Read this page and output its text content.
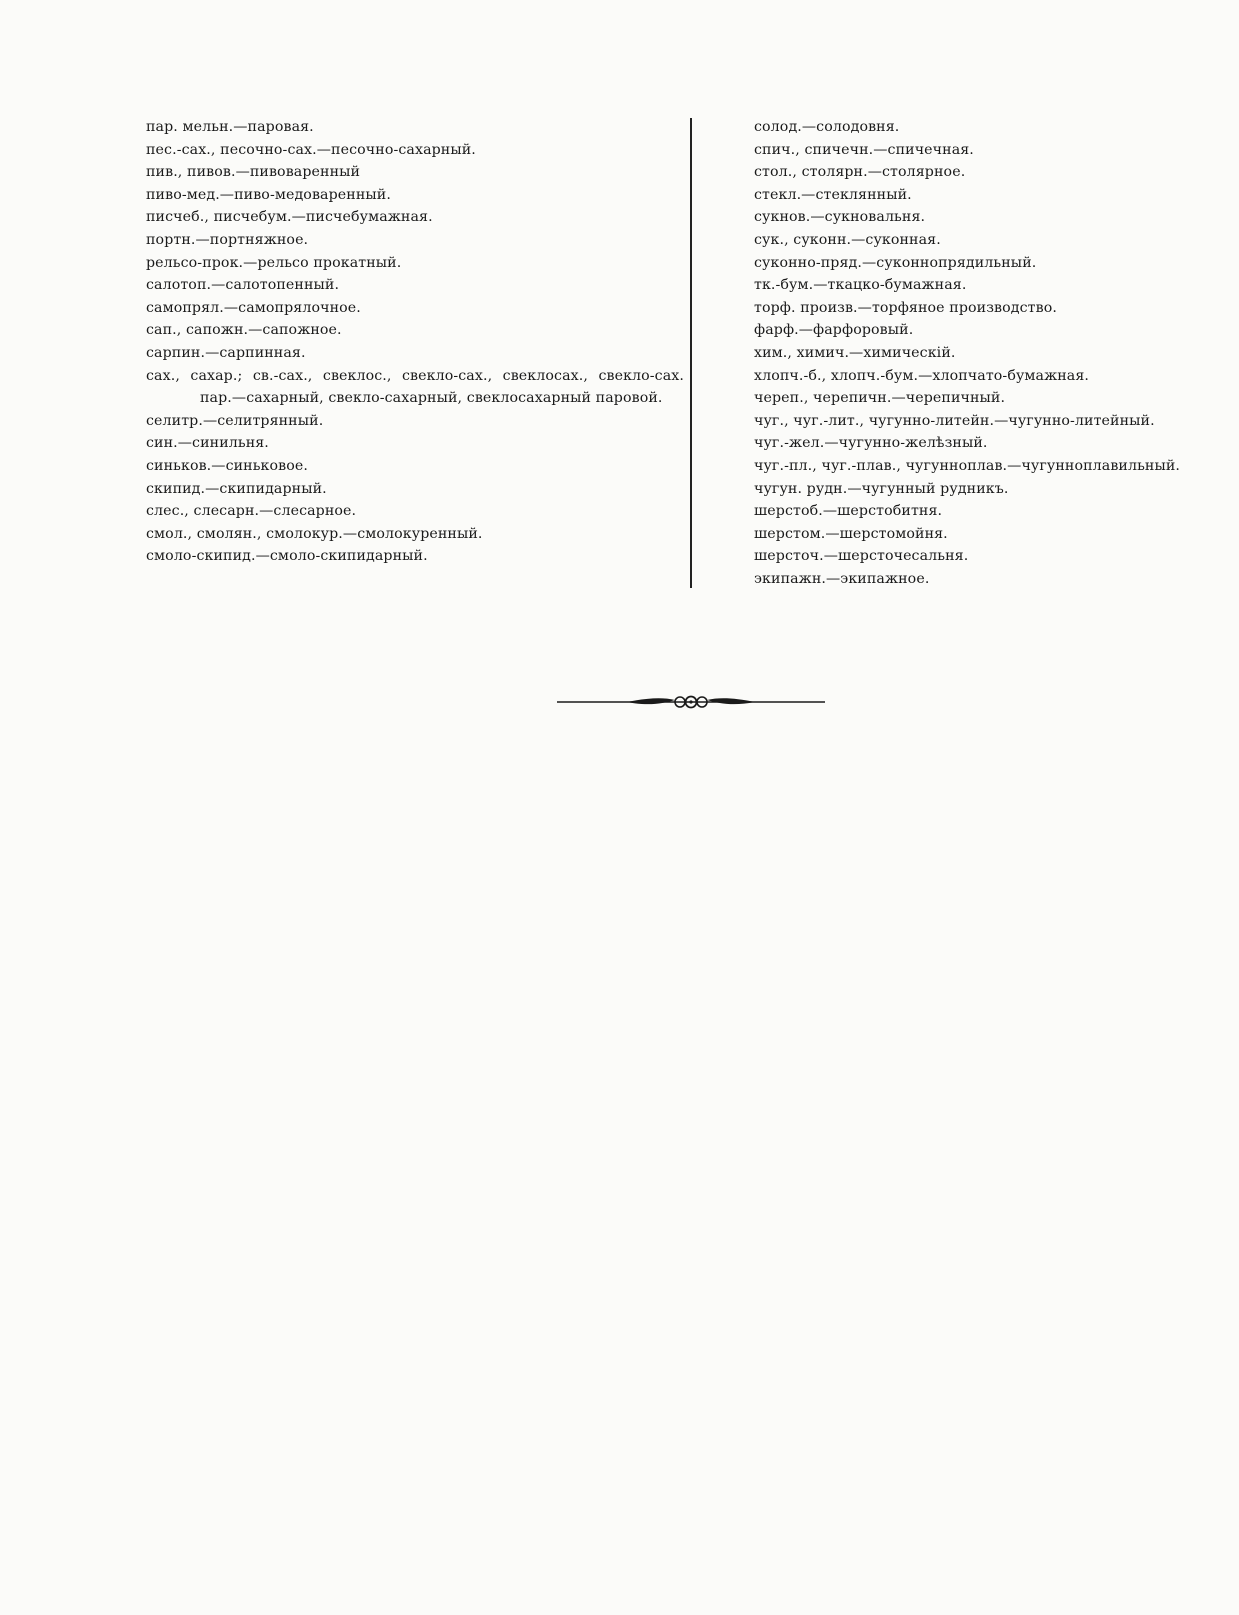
пар. мельн.—паровая.

пес.-сах., песочно-сах.—песочно-сахарный.

пив., пивов.—пивоваренный

пиво-мед.—пиво-медоваренный.

писчеб., писчебум.—писчебумажная.

портн.—портняжное.

рельсо-прок.—рельсо прокатный.

салотоп.—салотопенный.

самопрял.—самопрялочное.

сап., сапожн.—сапожное.

сарпин.—сарпинная.

сах., сахар.; св.-сах., свеклос., свекло-сах., свеклосах., свекло-сах. пар.—сахарный, свекло-сахарный, свеклосахарный паровой.

селитр.—селитрянный.

син.—синильня.

синьков.—синьковое.

скипид.—скипидарный.

слес., слесарн.—слесарное.

смол., смолян., смолокур.—смолокуренный.

смоло-скипид.—смоло-скипидарный.

солод.—солодовня.

спич., спичечн.—спичечная.

стол., столярн.—столярное.

стекл.—стеклянный.

сукнов.—сукновальня.

сук., суконн.—суконная.

суконно-пряд.—суконнопрядильный.

тк.-бум.—ткацко-бумажная.

торф. произв.—торфяное производство.

фарф.—фарфоровый.

хим., химич.—химическій.

хлопч.-б., хлопч.-бум.—хлопчато-бумажная.

череп., черепичн.—черепичный.

чуг., чуг.-лит., чугунно-литейн.—чугунно-литейный.

чуг.-жел.—чугунно-желѣзный.

чуг.-пл., чуг.-плав., чугунноплав.—чугунноплавильный.

чугун. рудн.—чугунный рудникъ.

шерстоб.—шерстобитня.

шерстом.—шерстомойня.

шерсточ.—шерсточесальня.

экипажн.—экипажное.
